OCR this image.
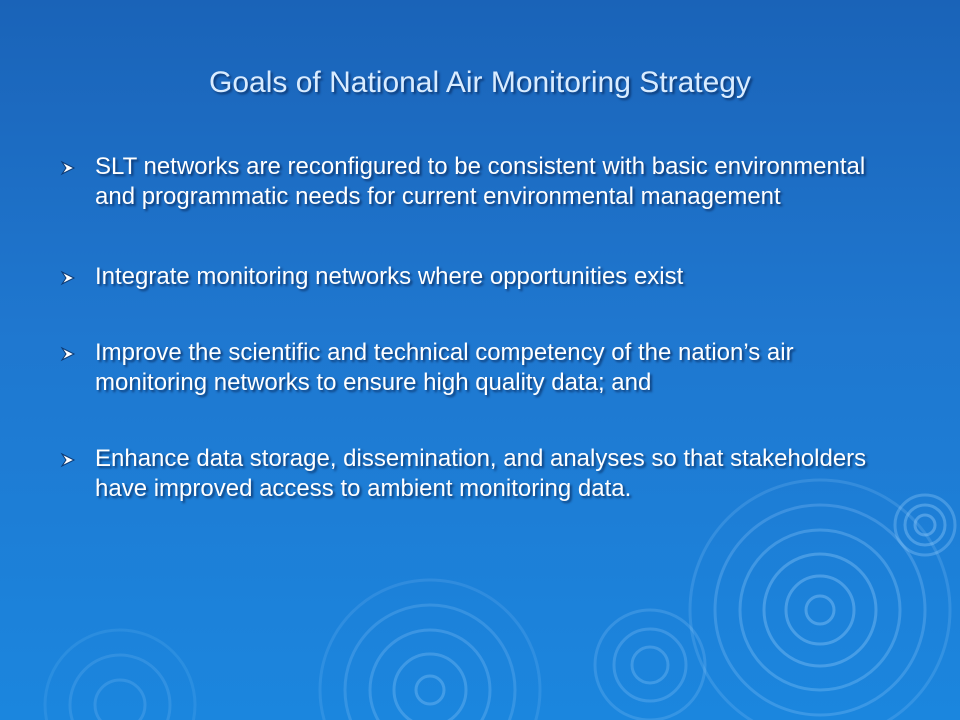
Goals of National Air Monitoring Strategy
SLT networks are reconfigured to be consistent with basic environmental and programmatic needs for current environmental management
Integrate monitoring networks where opportunities exist
Improve the scientific and technical competency of the nation’s air monitoring networks to ensure high quality data; and
Enhance data storage, dissemination, and analyses so that stakeholders have improved access to ambient monitoring data.
